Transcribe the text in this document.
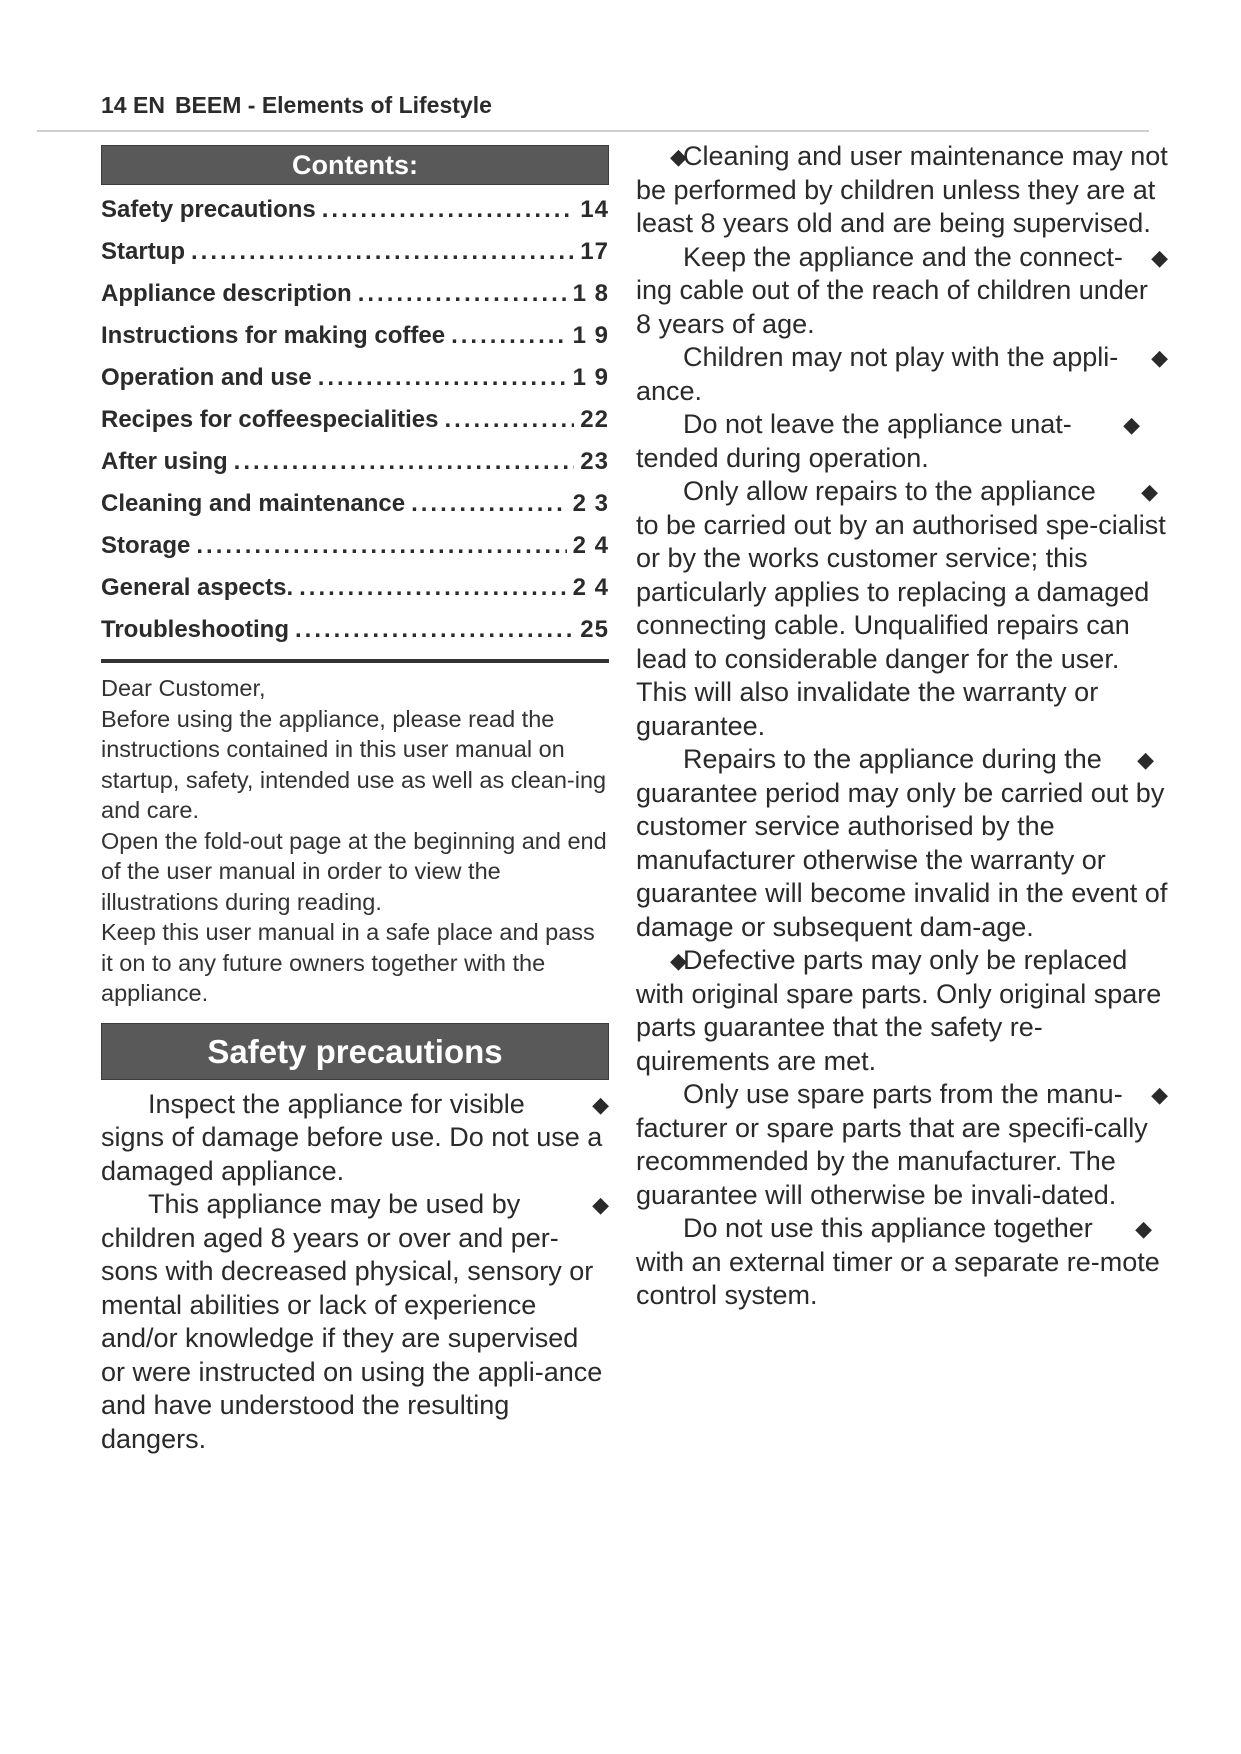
14 EN BEEM - Elements of Lifestyle
Contents:
Safety precautions .....	14
Startup .....	17
Appliance description .....	1 8
Instructions for making coffee .....	1 9
Operation and use .....	1 9
Recipes for coffeespecialities .....	22
After using .....	23
Cleaning and maintenance .....	2 3
Storage .....	2 4
General aspects. .....	2 4
Troubleshooting .....	25

Dear Customer,

Before using the appliance, please read the instructions contained in this user manual on startup, safety, intended use as well as clean-ing and care.

Open the fold-out page at the beginning and end of the user manual in order to view the illustrations during reading.

Keep this user manual in a safe place and pass it on to any future owners together with the appliance.

Safety precautions
◆
Inspect the appliance for visible
signs of damage before use. Do not use a damaged appliance.
◆
This appliance may be used by
children aged 8 years or over and per-sons with decreased physical, sensory or mental abilities or lack of experience and/or knowledge if they are supervised or were instructed on using the appli-ance and have understood the resulting dangers.
◆
Cleaning and user maintenance may not be performed by children unless they are at least 8 years old and are being supervised.
◆
Keep the appliance and the connect-
ing cable out of the reach of children under 8 years of age.
◆
Children may not play with the appli-
ance.
◆
Do not leave the appliance unat-
tended during operation.
◆
Only allow repairs to the appliance
to be carried out by an authorised spe-cialist or by the works customer service; this particularly applies to replacing a damaged connecting cable. Unqualified repairs can lead to considerable danger for the user. This will also invalidate the warranty or guarantee.
◆
Repairs to the appliance during the
guarantee period may only be carried out by customer service authorised by the manufacturer otherwise the warranty or guarantee will become invalid in the event of damage or subsequent dam-age.
◆
Defective parts may only be replaced with original spare parts. Only original spare parts guarantee that the safety re-quirements are met.
◆
Only use spare parts from the manu-
facturer or spare parts that are specifi-cally recommended by the manufacturer. The guarantee will otherwise be invali-dated.
◆
Do not use this appliance together
with an external timer or a separate re-mote control system.
